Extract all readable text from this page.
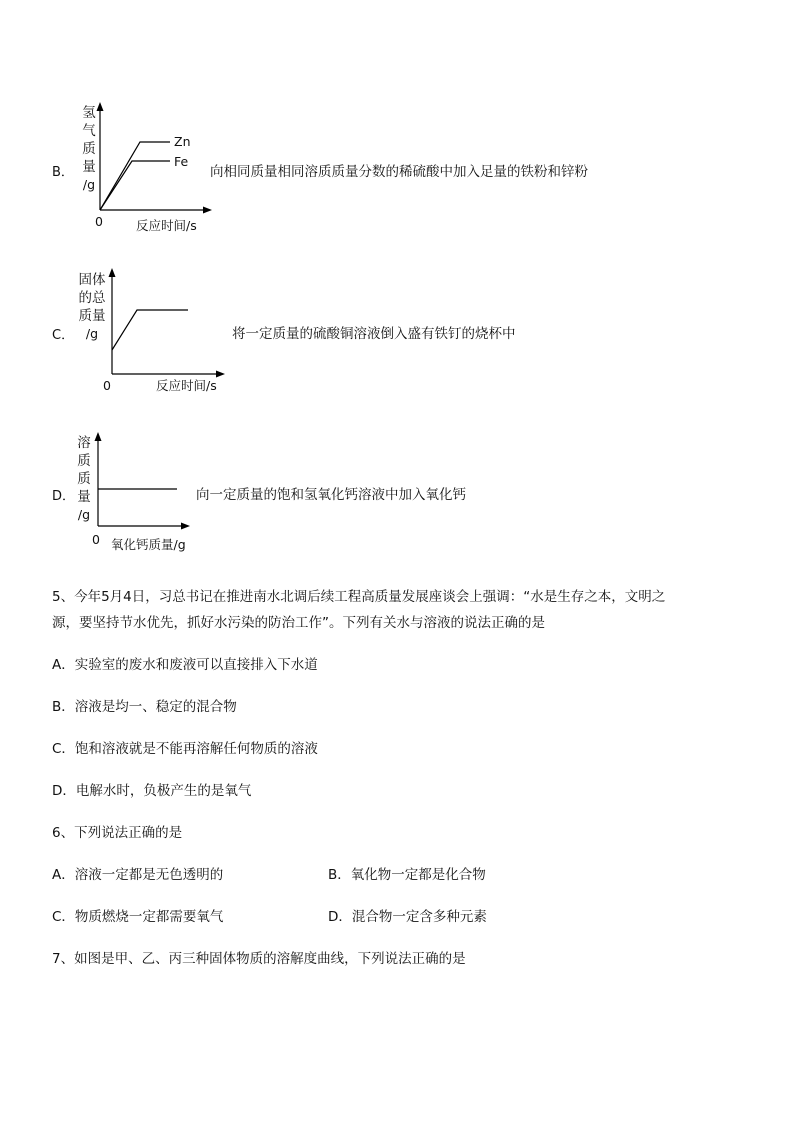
B．
氢
气
质
量
/g
Zn
Fe
0	反应时间/s
向相同质量相同溶质质量分数的稀硫酸中加入足量的铁粉和锌粉
C．
固体
的总
质量
/g
0	反应时间/s
将一定质量的硫酸铜溶液倒入盛有铁钉的烧杯中
D．
溶
质
质
量
/g
0 氧化钙质量/g
向一定质量的饱和氢氧化钙溶液中加入氧化钙
5、今年5月4日，习总书记在推进南水北调后续工程高质量发展座谈会上强调：“水是生存之本，文明之
源，要坚持节水优先，抓好水污染的防治工作”。下列有关水与溶液的说法正确的是
A．实验室的废水和废液可以直接排入下水道
B．溶液是均一、稳定的混合物
C．饱和溶液就是不能再溶解任何物质的溶液
D．电解水时，负极产生的是氧气
6、下列说法正确的是
A．溶液一定都是无色透明的	B．氧化物一定都是化合物
C．物质燃烧一定都需要氧气	D．混合物一定含多种元素
7、如图是甲、乙、丙三种固体物质的溶解度曲线，下列说法正确的是
